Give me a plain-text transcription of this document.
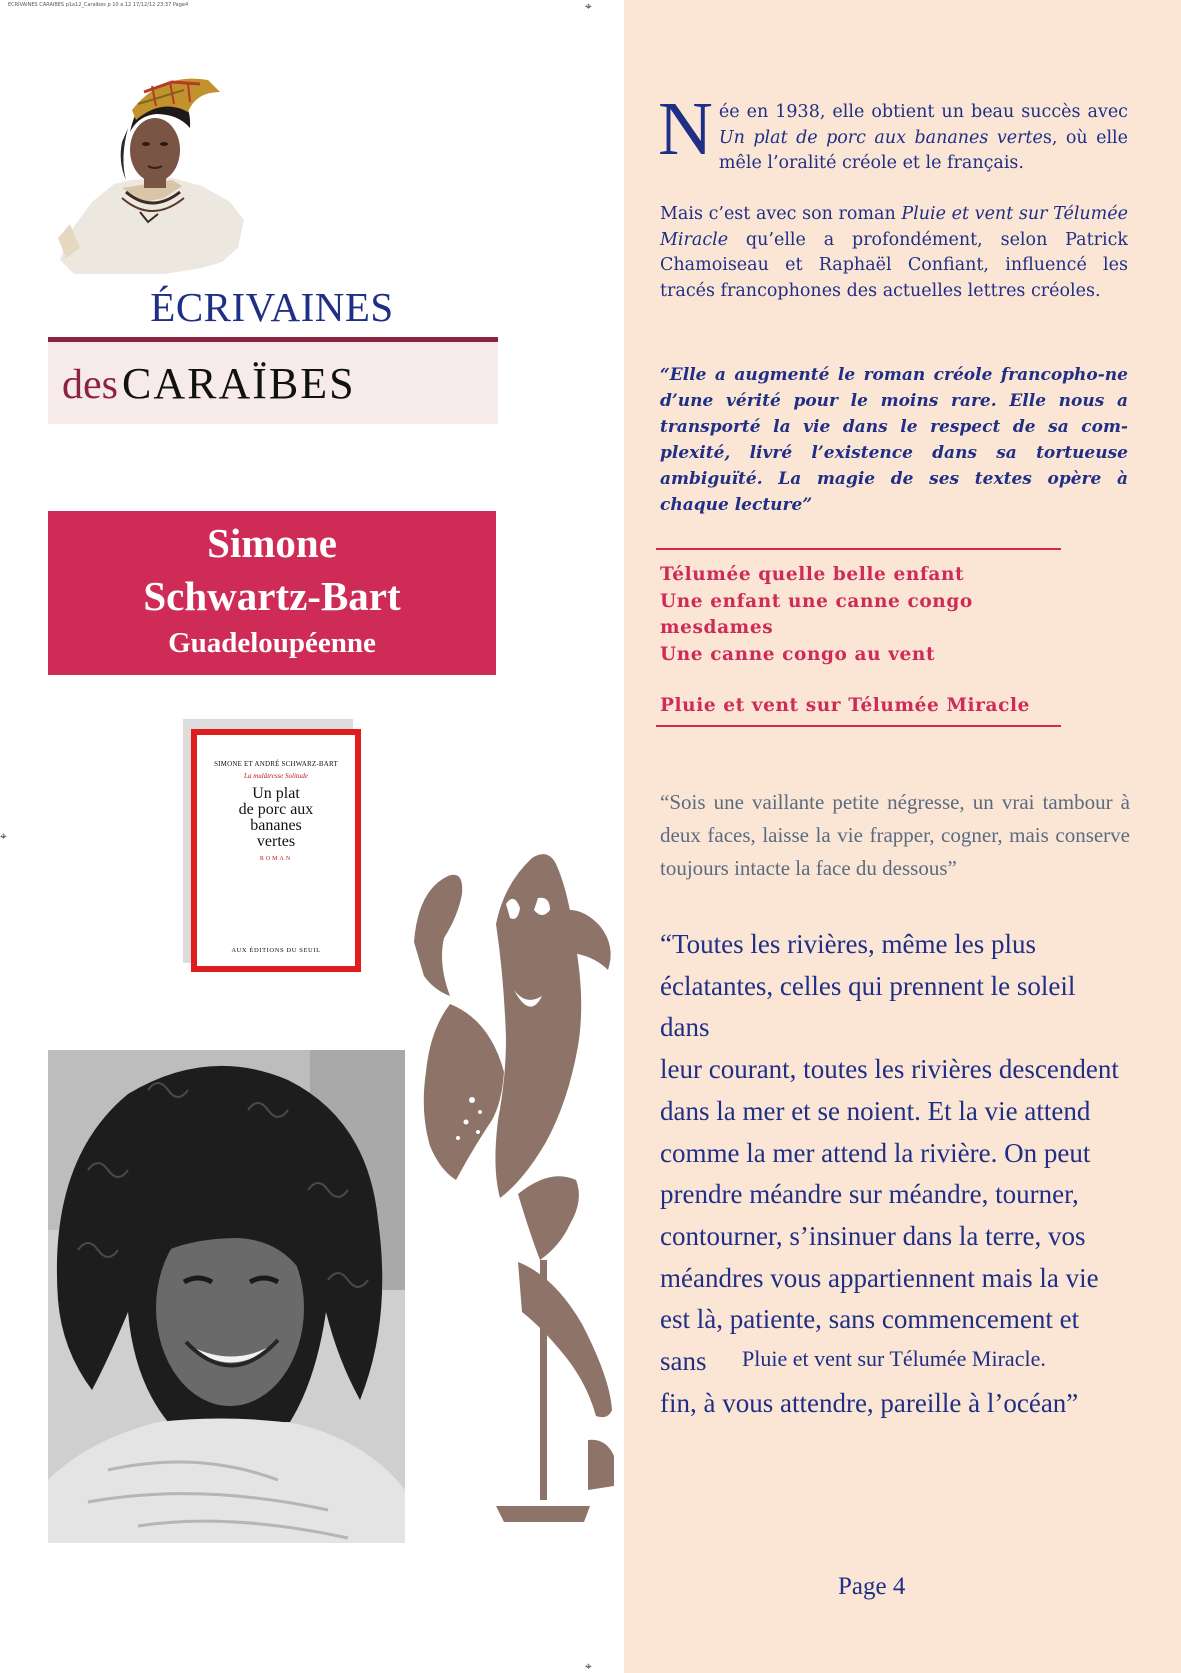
ECRIVAINES CARAIBES p1a12_Caraibes p 10 a 12 17/12/12 23:37 Page4	⌖
⌖
⌖
ÉCRIVAINES
des CARAÏBES
Simone
Schwartz-Bart
Guadeloupéenne
SIMONE ET ANDRÉ SCHWARZ-BART
La mulâtresse Solitude
Un plat
de porc aux
bananes
vertes
ROMAN
AUX ÉDITIONS DU SEUIL
Née en 1938, elle obtient un beau succès avec Un plat de porc aux bananes vertes, où elle mêle l’oralité créole et le français.
Mais c’est avec son roman Pluie et vent sur Télumée Miracle qu’elle a profondément, selon Patrick Chamoiseau et Raphaël Confiant, influencé les tracés francophones des actuelles lettres créoles.
“Elle a augmenté le roman créole francopho-ne d’une vérité pour le moins rare. Elle nous a transporté la vie dans le respect de sa com-plexité, livré l’existence dans sa tortueuse ambiguïté. La magie de ses textes opère à chaque lecture”
Télumée quelle belle enfant
Une enfant une canne congo
mesdames
Une canne congo au vent
Pluie et vent sur Télumée Miracle
“Sois une vaillante petite négresse, un vrai tambour à deux faces, laisse la vie frapper, cogner, mais conserve toujours intacte la face du dessous”
“Toutes les rivières, même les plus
éclatantes, celles qui prennent le soleil dans
leur courant, toutes les rivières descendent
dans la mer et se noient. Et la vie attend
comme la mer attend la rivière. On peut
prendre méandre sur méandre, tourner,
contourner, s’insinuer dans la terre, vos
méandres vous appartiennent mais la vie
est là, patiente, sans commencement et sans
fin, à vous attendre, pareille à l’océan”
Pluie et vent sur Télumée Miracle.
Page 4
